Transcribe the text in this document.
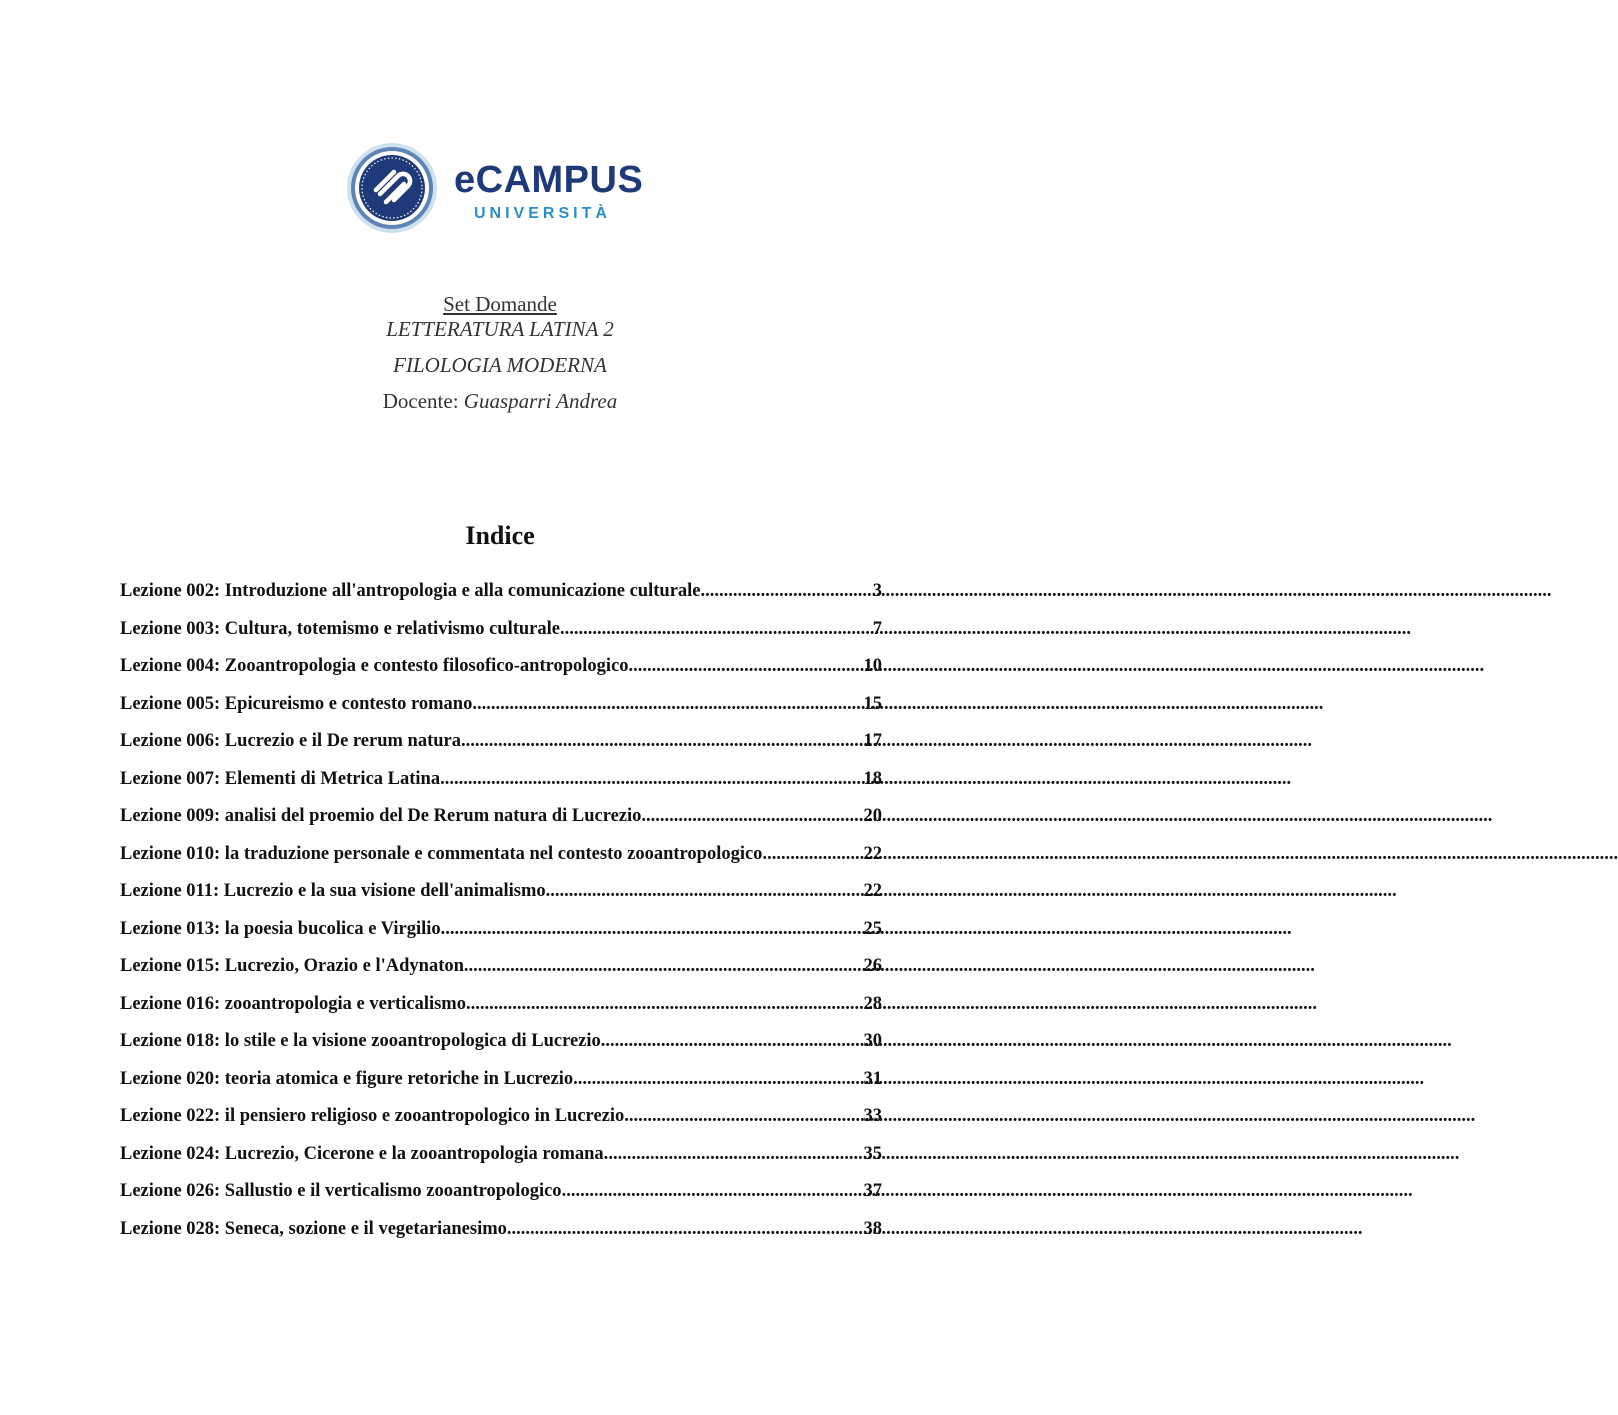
eCAMPUS
UNIVERSITÀ
Set Domande
LETTERATURA LATINA 2
FILOLOGIA MODERNA
Docente: Guasparri Andrea
Indice
Lezione 002: Introduzione all'antropologia e alla comunicazione culturale .....	3
Lezione 003: Cultura, totemismo e relativismo culturale .....	7
Lezione 004: Zooantropologia e contesto filosofico-antropologico. .....	10
Lezione 005: Epicureismo e contesto romano .....	15
Lezione 006: Lucrezio e il De rerum natura .....	17
Lezione 007: Elementi di Metrica Latina .....	18
Lezione 009: analisi del proemio del De Rerum natura di Lucrezio .....	20
Lezione 010: la traduzione personale e commentata nel contesto zooantropologico. .....	22
Lezione 011: Lucrezio e la sua visione dell'animalismo .....	22
Lezione 013: la poesia bucolica e Virgilio .....	25
Lezione 015: Lucrezio, Orazio e l'Adynaton .....	26
Lezione 016: zooantropologia e verticalismo .....	28
Lezione 018: lo stile e la visione zooantropologica di Lucrezio .....	30
Lezione 020: teoria atomica e figure retoriche in Lucrezio .....	31
Lezione 022: il pensiero religioso e zooantropologico in Lucrezio .....	33
Lezione 024: Lucrezio, Cicerone e la zooantropologia romana. .....	35
Lezione 026: Sallustio e il verticalismo zooantropologico .....	37
Lezione 028: Seneca, sozione e il vegetarianesimo. .....	38
